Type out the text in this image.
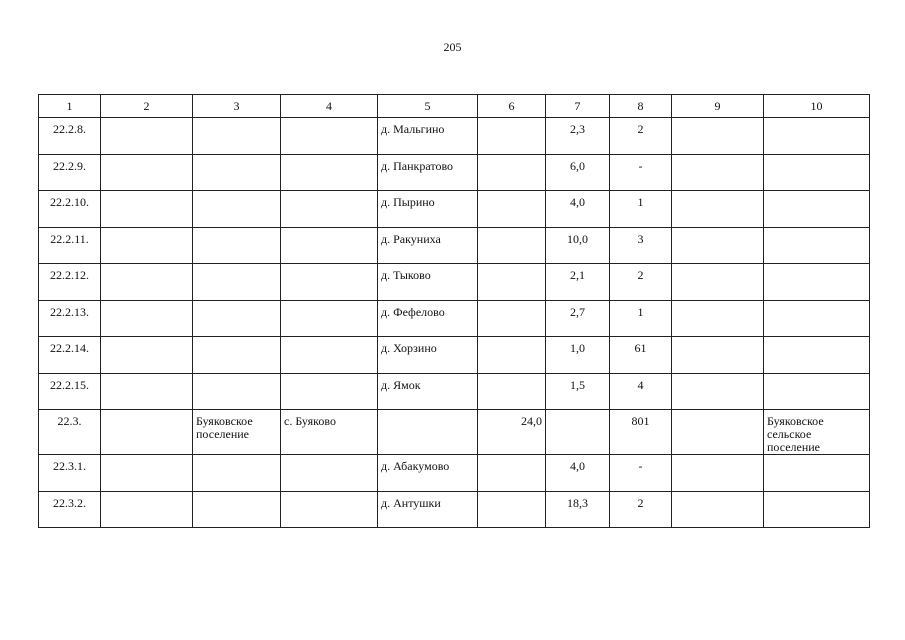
205
1	2	3	4	5	6	7	8	9	10
22.2.8.				д. Мальгино		2,3	2		
22.2.9.				д. Панкратово		6,0	-		
22.2.10.				д. Пырино		4,0	1		
22.2.11.				д. Ракуниха		10,0	3		
22.2.12.				д. Тыково		2,1	2		
22.2.13.				д. Фефелово		2,7	1		
22.2.14.				д. Хорзино		1,0	61		
22.2.15.				д. Ямок		1,5	4		
22.3.		Буяковское поселение	с. Буяково		24,0		801		Буяковское сельское поселение
22.3.1.				д. Абакумово		4,0	-		
22.3.2.				д. Антушки		18,3	2		
